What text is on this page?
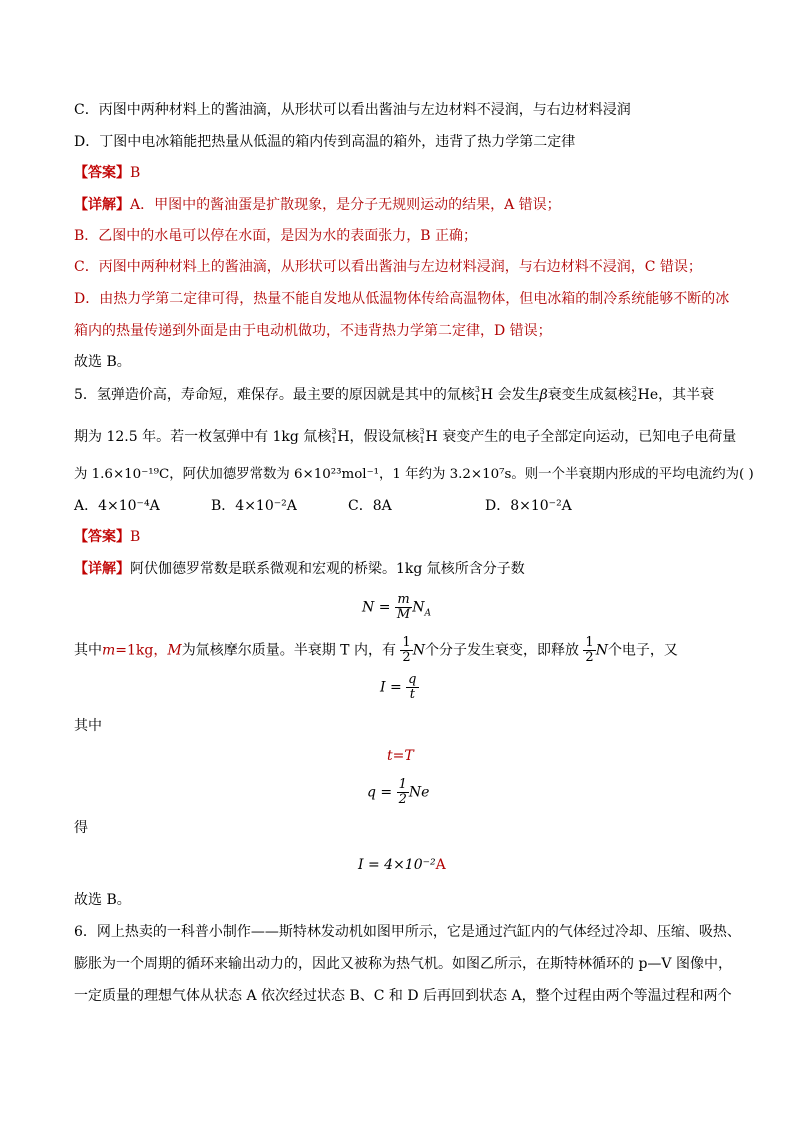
C．丙图中两种材料上的酱油滴，从形状可以看出酱油与左边材料不浸润，与右边材料浸润
D．丁图中电冰箱能把热量从低温的箱内传到高温的箱外，违背了热力学第二定律
【答案】B
【详解】A．甲图中的酱油蛋是扩散现象，是分子无规则运动的结果，A 错误；
B．乙图中的水黾可以停在水面，是因为水的表面张力，B 正确；
C．丙图中两种材料上的酱油滴，从形状可以看出酱油与左边材料浸润，与右边材料不浸润，C 错误；
D．由热力学第二定律可得，热量不能自发地从低温物体传给高温物体，但电冰箱的制冷系统能够不断的冰
箱内的热量传递到外面是由于电动机做功，不违背热力学第二定律，D 错误；
故选 B。
5．氢弹造价高，寿命短，难保存。最主要的原因就是其中的氚核 3
1 H 会发生β衰变生成氦核 3
2 He，其半衰
期为 12.5 年。若一枚氢弹中有 1kg 氚核 3
1 H，假设氚核 3
1 H 衰变产生的电子全部定向运动，已知电子电荷量
为 1.6×10⁻¹⁹C，阿伏加德罗常数为 6×10²³mol⁻¹，1 年约为 3.2×10⁷s。则一个半衰期内形成的平均电流约为( )
A．4×10⁻⁴A	B．4×10⁻²A	C．8A	D．8×10⁻²A
【答案】B
【详解】阿伏伽德罗常数是联系微观和宏观的桥梁。1kg 氚核所含分子数
$N = \frac{m}{M} N_A$
其中m=1kg，M为氚核摩尔质量。半衰期 T 内，有 $\frac{1}{2}$ N个分子发生衰变，即释放 $\frac{1}{2}$ N个电子，又
$I = \frac{q}{t}$
其中
t=T
$q = \frac{1}{2}$ Ne
得
I = 4×10⁻²A
故选 B。
6．网上热卖的一科普小制作——斯特林发动机如图甲所示，它是通过汽缸内的气体经过冷却、压缩、吸热、
膨胀为一个周期的循环来输出动力的，因此又被称为热气机。如图乙所示，在斯特林循环的 p—V 图像中，
一定质量的理想气体从状态 A 依次经过状态 B、C 和 D 后再回到状态 A，整个过程由两个等温过程和两个
